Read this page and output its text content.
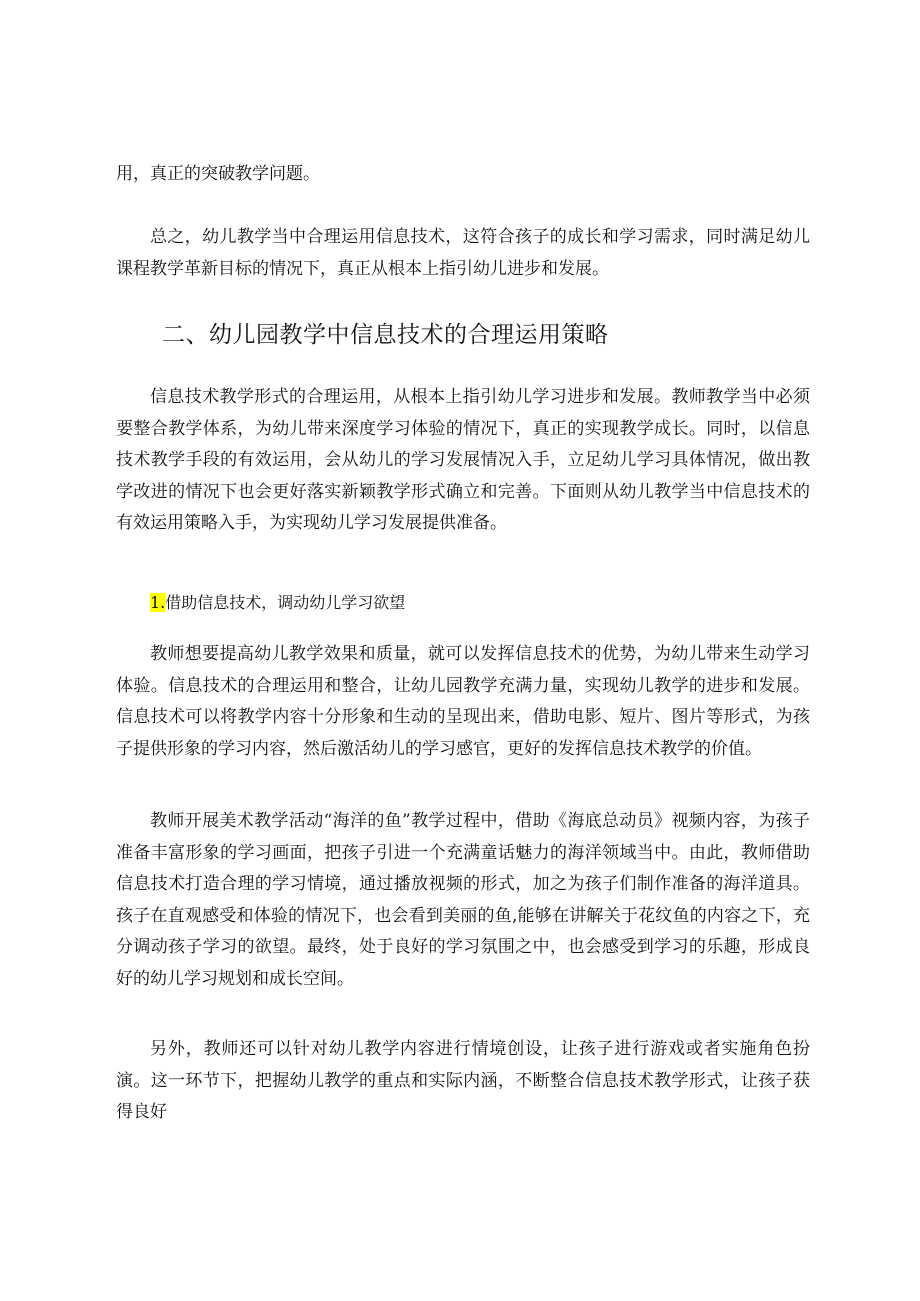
用，真正的突破教学问题。

总之，幼儿教学当中合理运用信息技术，这符合孩子的成长和学习需求，同时满足幼儿课程教学革新目标的情况下，真正从根本上指引幼儿进步和发展。

二、幼儿园教学中信息技术的合理运用策略

信息技术教学形式的合理运用，从根本上指引幼儿学习进步和发展。教师教学当中必须要整合教学体系，为幼儿带来深度学习体验的情况下，真正的实现教学成长。同时，以信息技术教学手段的有效运用，会从幼儿的学习发展情况入手，立足幼儿学习具体情况，做出教学改进的情况下也会更好落实新颖教学形式确立和完善。下面则从幼儿教学当中信息技术的有效运用策略入手，为实现幼儿学习发展提供准备。

1.借助信息技术，调动幼儿学习欲望

教师想要提高幼儿教学效果和质量，就可以发挥信息技术的优势，为幼儿带来生动学习体验。信息技术的合理运用和整合，让幼儿园教学充满力量，实现幼儿教学的进步和发展。信息技术可以将教学内容十分形象和生动的呈现出来，借助电影、短片、图片等形式，为孩子提供形象的学习内容，然后激活幼儿的学习感官，更好的发挥信息技术教学的价值。

教师开展美术教学活动“海洋的鱼”教学过程中，借助《海底总动员》视频内容，为孩子准备丰富形象的学习画面，把孩子引进一个充满童话魅力的海洋领域当中。由此，教师借助信息技术打造合理的学习情境，通过播放视频的形式，加之为孩子们制作准备的海洋道具。孩子在直观感受和体验的情况下，也会看到美丽的鱼,能够在讲解关于花纹鱼的内容之下，充分调动孩子学习的欲望。最终，处于良好的学习氛围之中，也会感受到学习的乐趣，形成良好的幼儿学习规划和成长空间。

另外，教师还可以针对幼儿教学内容进行情境创设，让孩子进行游戏或者实施角色扮演。这一环节下，把握幼儿教学的重点和实际内涵，不断整合信息技术教学形式，让孩子获得良好
